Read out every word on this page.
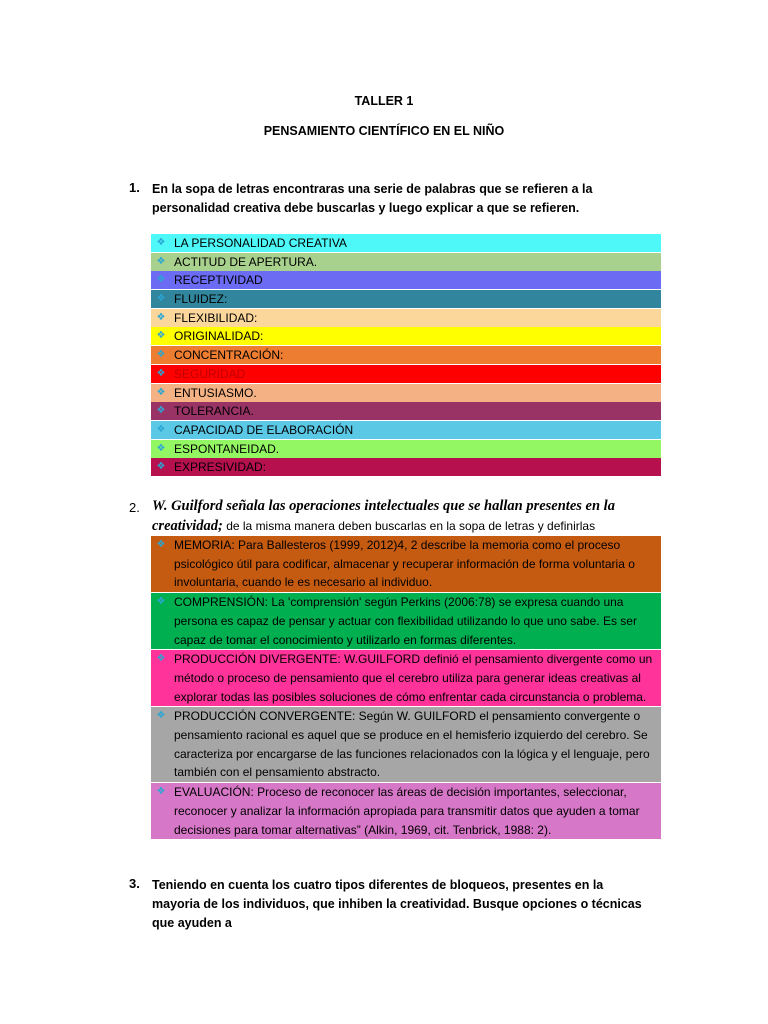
TALLER 1
PENSAMIENTO CIENTÍFICO EN EL NIÑO
1. En la sopa de letras encontraras una serie de palabras que se refieren a la personalidad creativa debe buscarlas y luego explicar a que se refieren.
❖ LA PERSONALIDAD CREATIVA
❖ ACTITUD DE APERTURA.
❖ RECEPTIVIDAD
❖ FLUIDEZ:
❖ FLEXIBILIDAD:
❖ ORIGINALIDAD:
❖ CONCENTRACIÓN:
❖ SEGURIDAD
❖ ENTUSIASMO.
❖ TOLERANCIA.
❖ CAPACIDAD DE ELABORACIÓN
❖ ESPONTANEIDAD.
❖ EXPRESIVIDAD:
2. W. Guilford señala las operaciones intelectuales que se hallan presentes en la creatividad; de la misma manera deben buscarlas en la sopa de letras y definirlas
❖ MEMORIA: Para Ballesteros (1999, 2012)4, 2 describe la memoria como el proceso psicológico útil para codificar, almacenar y recuperar información de forma voluntaria o involuntaria, cuando le es necesario al individuo.
❖ COMPRENSIÓN: La 'comprensión' según Perkins (2006:78) se expresa cuando una persona es capaz de pensar y actuar con flexibilidad utilizando lo que uno sabe. Es ser capaz de tomar el conocimiento y utilizarlo en formas diferentes.
❖ PRODUCCIÓN DIVERGENTE: W.GUILFORD definió el pensamiento divergente como un método o proceso de pensamiento que el cerebro utiliza para generar ideas creativas al explorar todas las posibles soluciones de cómo enfrentar cada circunstancia o problema.
❖ PRODUCCIÓN CONVERGENTE: Según W. GUILFORD el pensamiento convergente o pensamiento racional es aquel que se produce en el hemisferio izquierdo del cerebro. Se caracteriza por encargarse de las funciones relacionados con la lógica y el lenguaje, pero también con el pensamiento abstracto.
❖ EVALUACIÓN: Proceso de reconocer las áreas de decisión importantes, seleccionar, reconocer y analizar la información apropiada para transmitir datos que ayuden a tomar decisiones para tomar alternativas” (Alkin, 1969, cit. Tenbrick, 1988: 2).
3. Teniendo en cuenta los cuatro tipos diferentes de bloqueos, presentes en la mayoria de los individuos, que inhiben la creatividad. Busque opciones o técnicas que ayuden a
